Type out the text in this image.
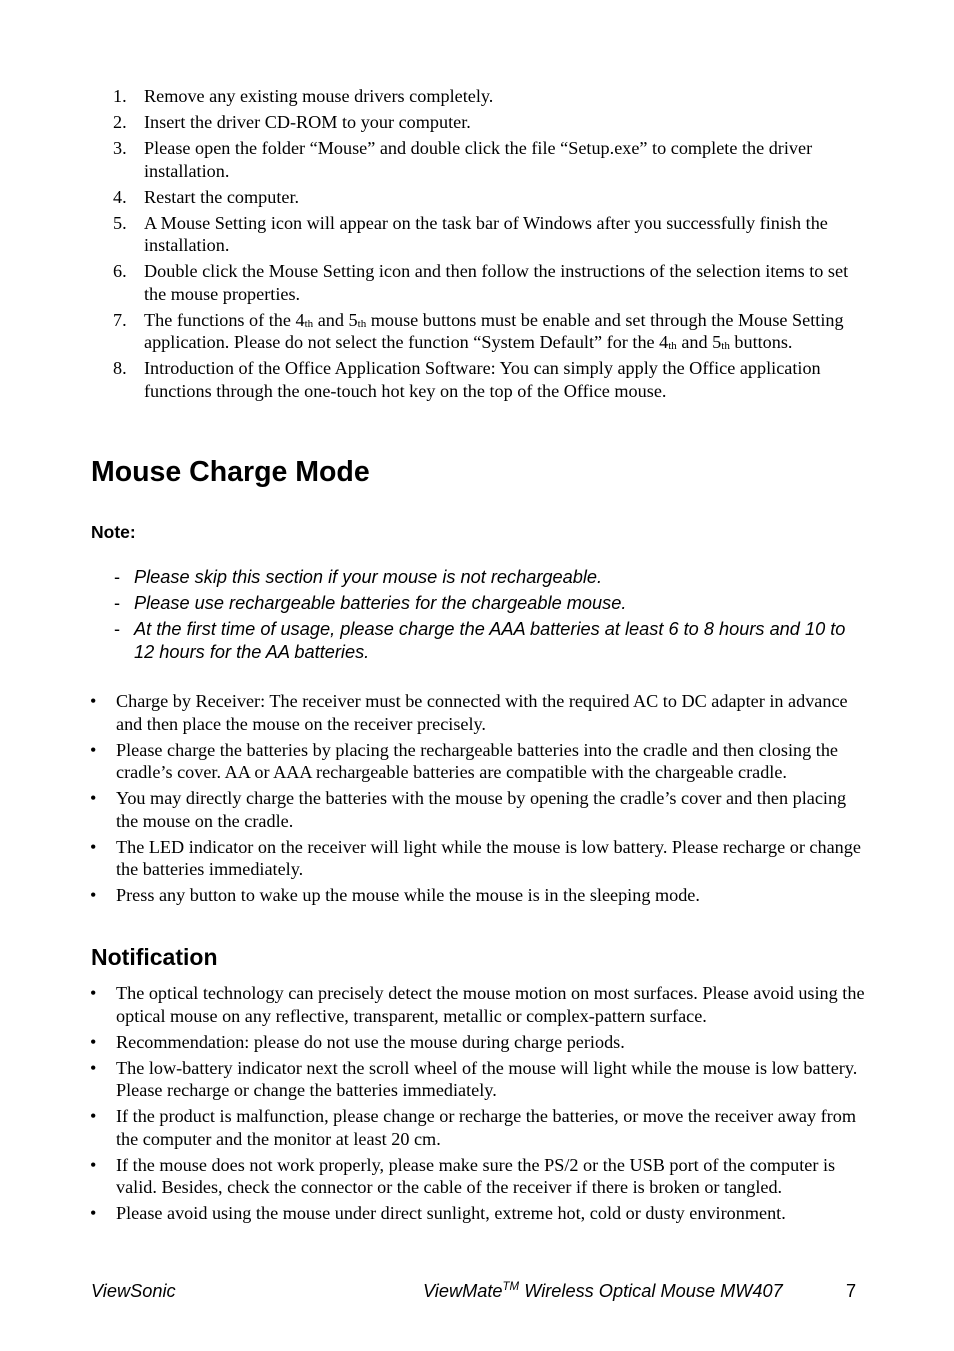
1. Remove any existing mouse drivers completely.
2. Insert the driver CD-ROM to your computer.
3. Please open the folder “Mouse” and double click the file “Setup.exe” to complete the driver installation.
4. Restart the computer.
5. A Mouse Setting icon will appear on the task bar of Windows after you successfully finish the installation.
6. Double click the Mouse Setting icon and then follow the instructions of the selection items to set the mouse properties.
7. The functions of the $4_{th}$ and $5_{th}$ mouse buttons must be enable and set through the Mouse Setting application. Please do not select the function “System Default” for the $4_{th}$ and $5_{th}$ buttons.
8. Introduction of the Office Application Software: You can simply apply the Office application functions through the one-touch hot key on the top of the Office mouse.
Mouse Charge Mode

Note:

- Please skip this section if your mouse is not rechargeable.
- Please use rechargeable batteries for the chargeable mouse.
- At the first time of usage, please charge the AAA batteries at least 6 to 8 hours and 10 to 12 hours for the AA batteries.
• Charge by Receiver: The receiver must be connected with the required AC to DC adapter in advance and then place the mouse on the receiver precisely.
• Please charge the batteries by placing the rechargeable batteries into the cradle and then closing the cradle’s cover. AA or AAA rechargeable batteries are compatible with the chargeable cradle.
• You may directly charge the batteries with the mouse by opening the cradle’s cover and then placing the mouse on the cradle.
• The LED indicator on the receiver will light while the mouse is low battery. Please recharge or change the batteries immediately.
• Press any button to wake up the mouse while the mouse is in the sleeping mode.
Notification
• The optical technology can precisely detect the mouse motion on most surfaces. Please avoid using the optical mouse on any reflective, transparent, metallic or complex-pattern surface.
• Recommendation: please do not use the mouse during charge periods.
• The low-battery indicator next the scroll wheel of the mouse will light while the mouse is low battery. Please recharge or change the batteries immediately.
• If the product is malfunction, please change or recharge the batteries, or move the receiver away from the computer and the monitor at least 20 cm.
• If the mouse does not work properly, please make sure the PS/2 or the USB port of the computer is valid. Besides, check the connector or the cable of the receiver if there is broken or tangled.
• Please avoid using the mouse under direct sunlight, extreme hot, cold or dusty environment.
ViewSonic	ViewMate™ Wireless Optical Mouse MW407	7
